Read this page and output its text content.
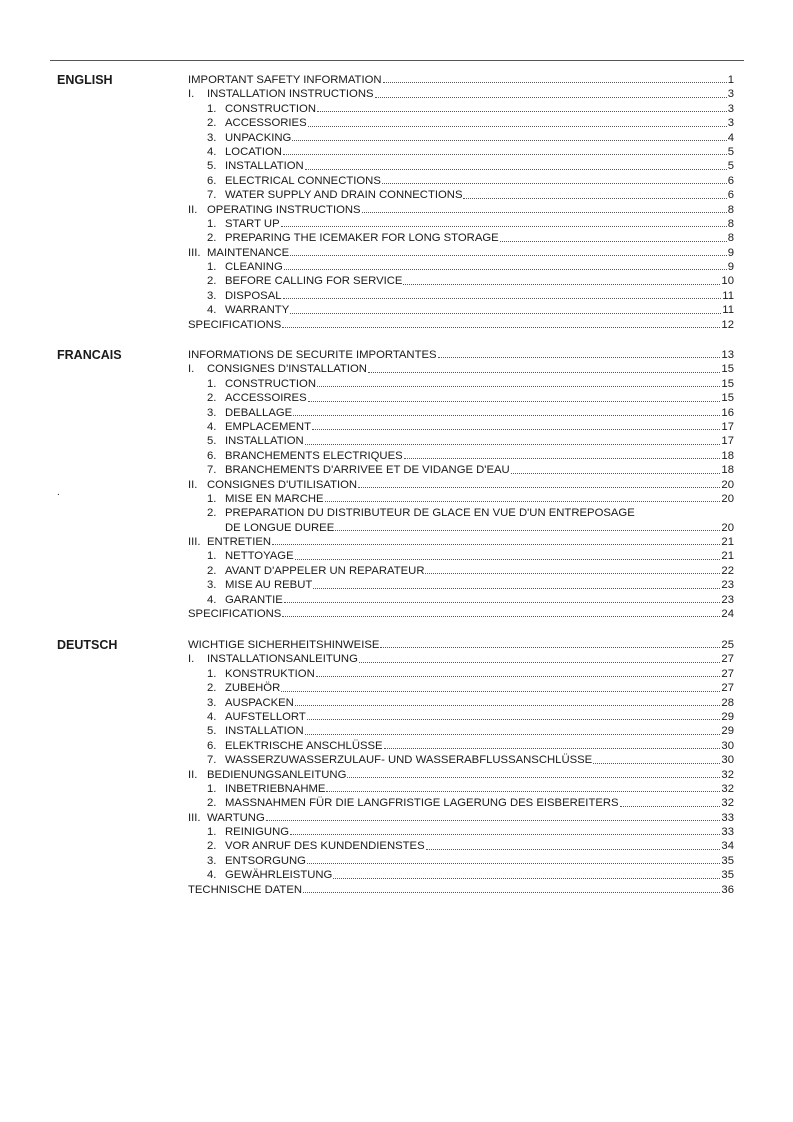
ENGLISH	IMPORTANT SAFETY INFORMATION	1
I.	INSTALLATION INSTRUCTIONS	3
1. CONSTRUCTION	3
2. ACCESSORIES	3
3. UNPACKING	4
4. LOCATION	5
5. INSTALLATION	5
6. ELECTRICAL CONNECTIONS	6
7. WATER SUPPLY AND DRAIN CONNECTIONS	6
II. OPERATING INSTRUCTIONS	8
1. START UP	8
2. PREPARING THE ICEMAKER FOR LONG STORAGE	8
III. MAINTENANCE	9
1. CLEANING	9
2. BEFORE CALLING FOR SERVICE	10
3. DISPOSAL	11
4. WARRANTY	11
SPECIFICATIONS	12
FRANCAIS	INFORMATIONS DE SECURITE IMPORTANTES	13
I.	CONSIGNES D'INSTALLATION	15
1. CONSTRUCTION	15
2. ACCESSOIRES	15
3. DEBALLAGE	16
4. EMPLACEMENT	17
5. INSTALLATION	17
6. BRANCHEMENTS ELECTRIQUES	18
7. BRANCHEMENTS D'ARRIVEE ET DE VIDANGE D'EAU	18
II. CONSIGNES D'UTILISATION	20
1. MISE EN MARCHE	20
2. PREPARATION DU DISTRIBUTEUR DE GLACE EN VUE D'UN ENTREPOSAGE
DE LONGUE DUREE	20
III. ENTRETIEN	21
1. NETTOYAGE	21
2. AVANT D'APPELER UN REPARATEUR	22
3. MISE AU REBUT	23
4. GARANTIE	23
SPECIFICATIONS	24
DEUTSCH	WICHTIGE SICHERHEITSHINWEISE	25
I.	INSTALLATIONSANLEITUNG	27
1. KONSTRUKTION	27
2. ZUBEHÖR	27
3. AUSPACKEN	28
4. AUFSTELLORT	29
5. INSTALLATION	29
6. ELEKTRISCHE ANSCHLÜSSE	30
7. WASSERZUWASSERZULAUF- UND WASSERABFLUSSANSCHLÜSSE	30
II. BEDIENUNGSANLEITUNG	32
1. INBETRIEBNAHME	32
2. MASSNAHMEN FÜR DIE LANGFRISTIGE LAGERUNG DES EISBEREITERS	32
III. WARTUNG	33
1. REINIGUNG	33
2. VOR ANRUF DES KUNDENDIENSTES	34
3. ENTSORGUNG	35
4. GEWÄHRLEISTUNG	35
TECHNISCHE DATEN	36
.
